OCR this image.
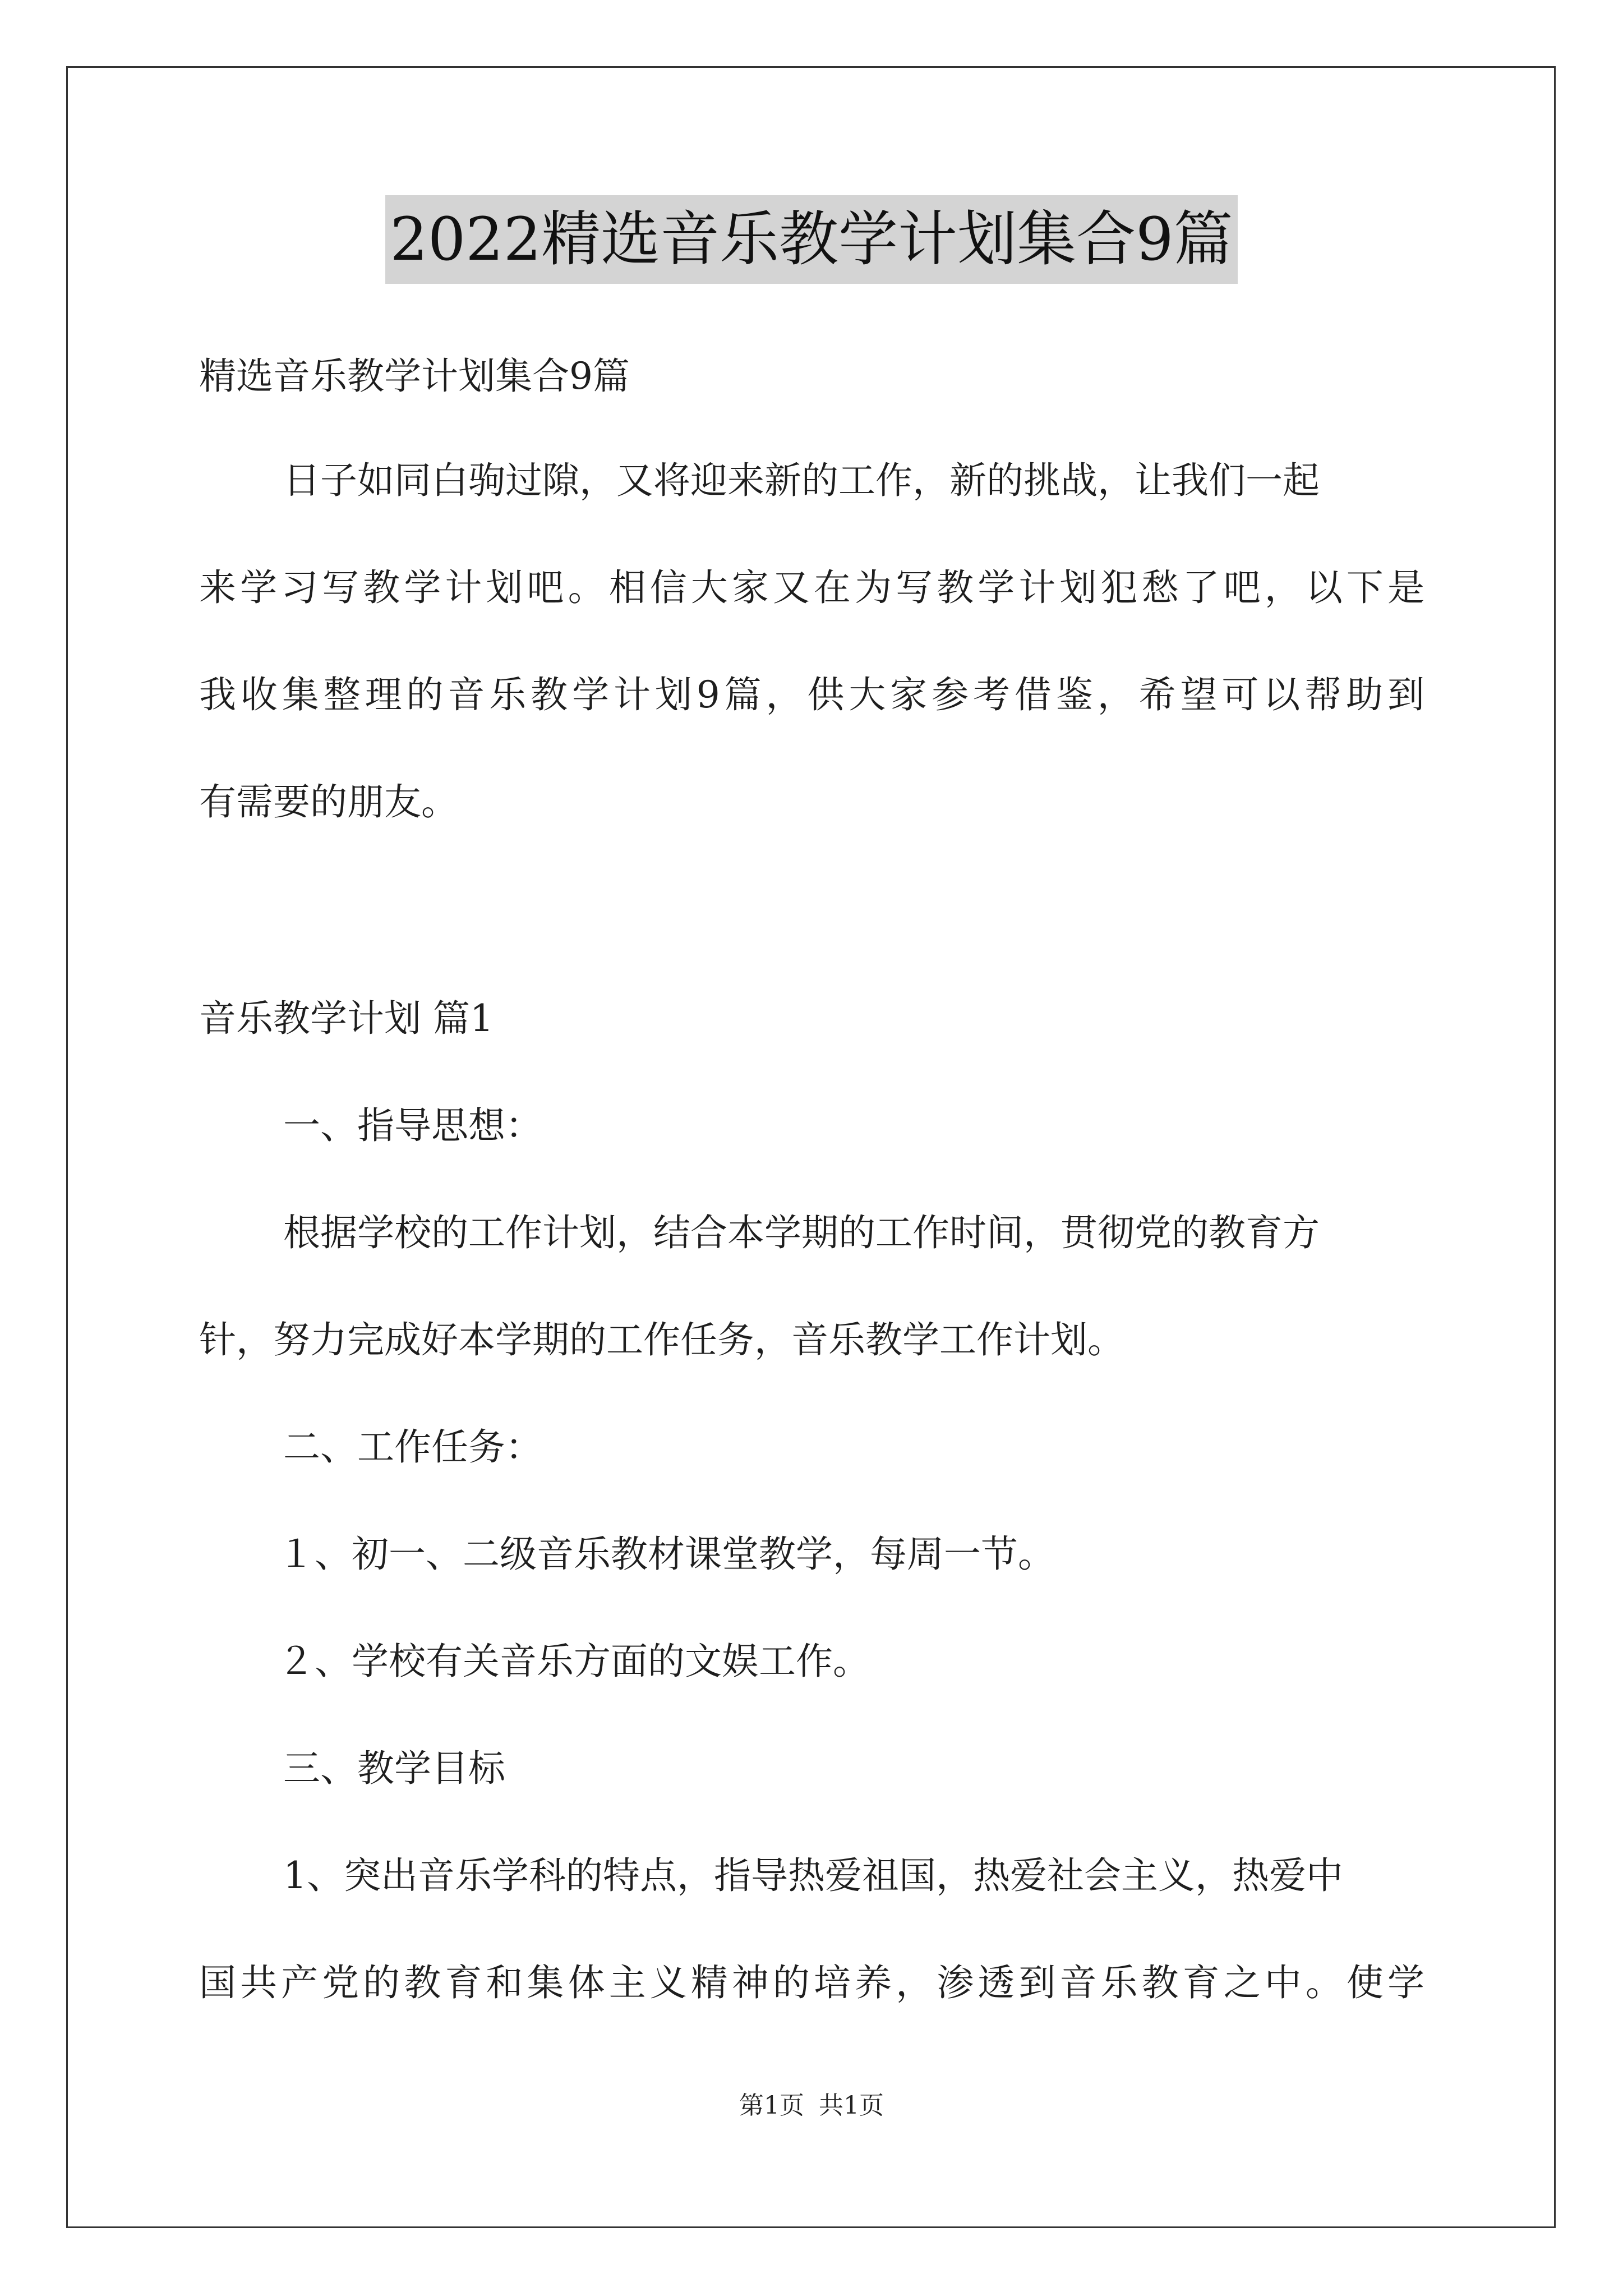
2022精选音乐教学计划集合9篇
精选音乐教学计划集合9篇
日子如同白驹过隙，又将迎来新的工作，新的挑战，让我们一起
来学习写教学计划吧。相信大家又在为写教学计划犯愁了吧，以下是
我收集整理的音乐教学计划9篇，供大家参考借鉴，希望可以帮助到
有需要的朋友。
音乐教学计划 篇1
一、指导思想：
根据学校的工作计划，结合本学期的工作时间，贯彻党的教育方
针，努力完成好本学期的工作任务，音乐教学工作计划。
二、工作任务：
１、初一、二级音乐教材课堂教学，每周一节。
２、学校有关音乐方面的文娱工作。
三、教学目标
1、突出音乐学科的特点，指导热爱祖国，热爱社会主义，热爱中
国共产党的教育和集体主义精神的培养，渗透到音乐教育之中。使学
第1页 共1页
